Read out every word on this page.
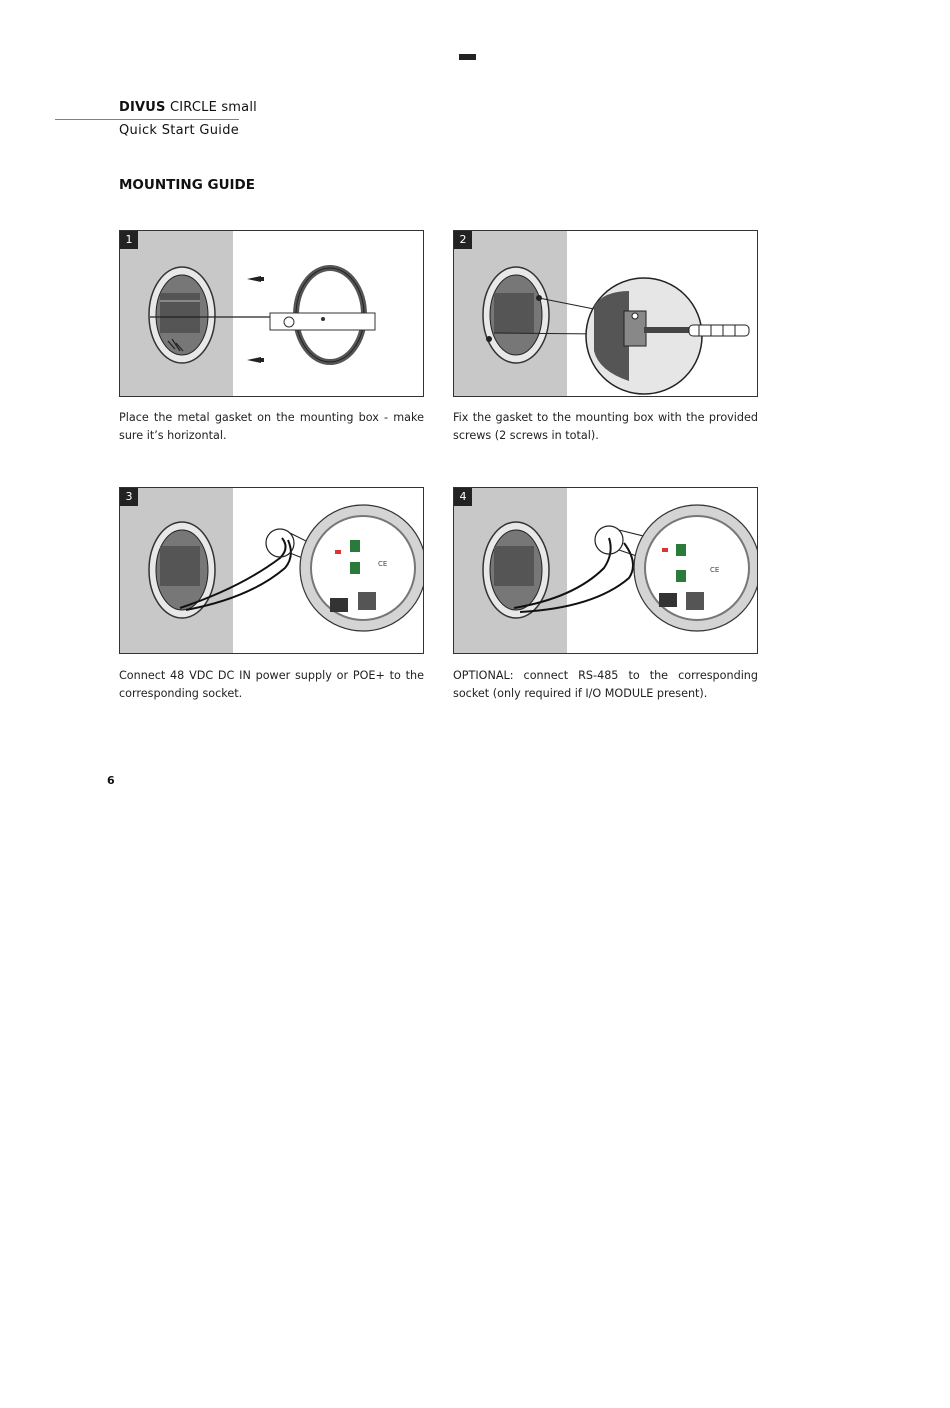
DIVUS CIRCLE small
Quick Start Guide
MOUNTING GUIDE
1
Place the metal gasket on the mounting box - make sure it’s horizontal.
2
Fix the gasket to the mounting box with the provided screws (2 screws in total).
3
CE
Connect 48 VDC DC IN power supply or POE+ to the corresponding socket.
4
CE
OPTIONAL: connect RS-485 to the corresponding socket (only required if I/O MODULE present).
6
